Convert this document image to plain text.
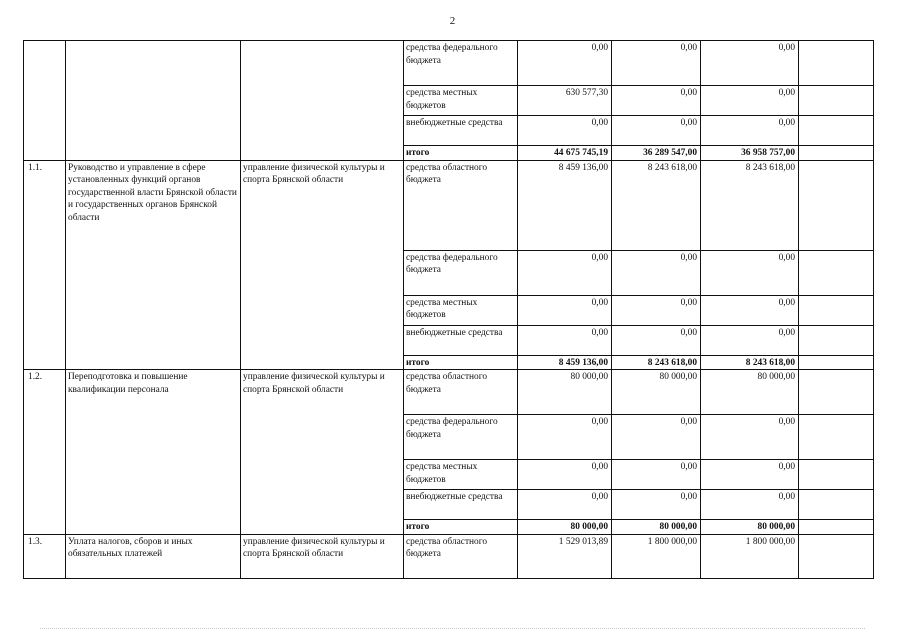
2
			средства федерального бюджета	0,00	0,00	0,00	
			средства местных бюджетов	630 577,30	0,00	0,00	
			внебюджетные средства	0,00	0,00	0,00	
			итого	44 675 745,19	36 289 547,00	36 958 757,00	
1.1.	Руководство и управление в сфере установленных функций органов государственной власти Брянской области и государственных органов Брянской области	управление физической культуры и спорта Брянской области	средства областного бюджета	8 459 136,00	8 243 618,00	8 243 618,00	
			средства федерального бюджета	0,00	0,00	0,00	
			средства местных бюджетов	0,00	0,00	0,00	
			внебюджетные средства	0,00	0,00	0,00	
			итого	8 459 136,00	8 243 618,00	8 243 618,00	
1.2.	Переподготовка и повышение квалификации персонала	управление физической культуры и спорта Брянской области	средства областного бюджета	80 000,00	80 000,00	80 000,00	
			средства федерального бюджета	0,00	0,00	0,00	
			средства местных бюджетов	0,00	0,00	0,00	
			внебюджетные средства	0,00	0,00	0,00	
			итого	80 000,00	80 000,00	80 000,00	
1.3.	Уплата налогов, сборов и иных обязательных платежей	управление физической культуры и спорта Брянской области	средства областного бюджета	1 529 013,89	1 800 000,00	1 800 000,00	
